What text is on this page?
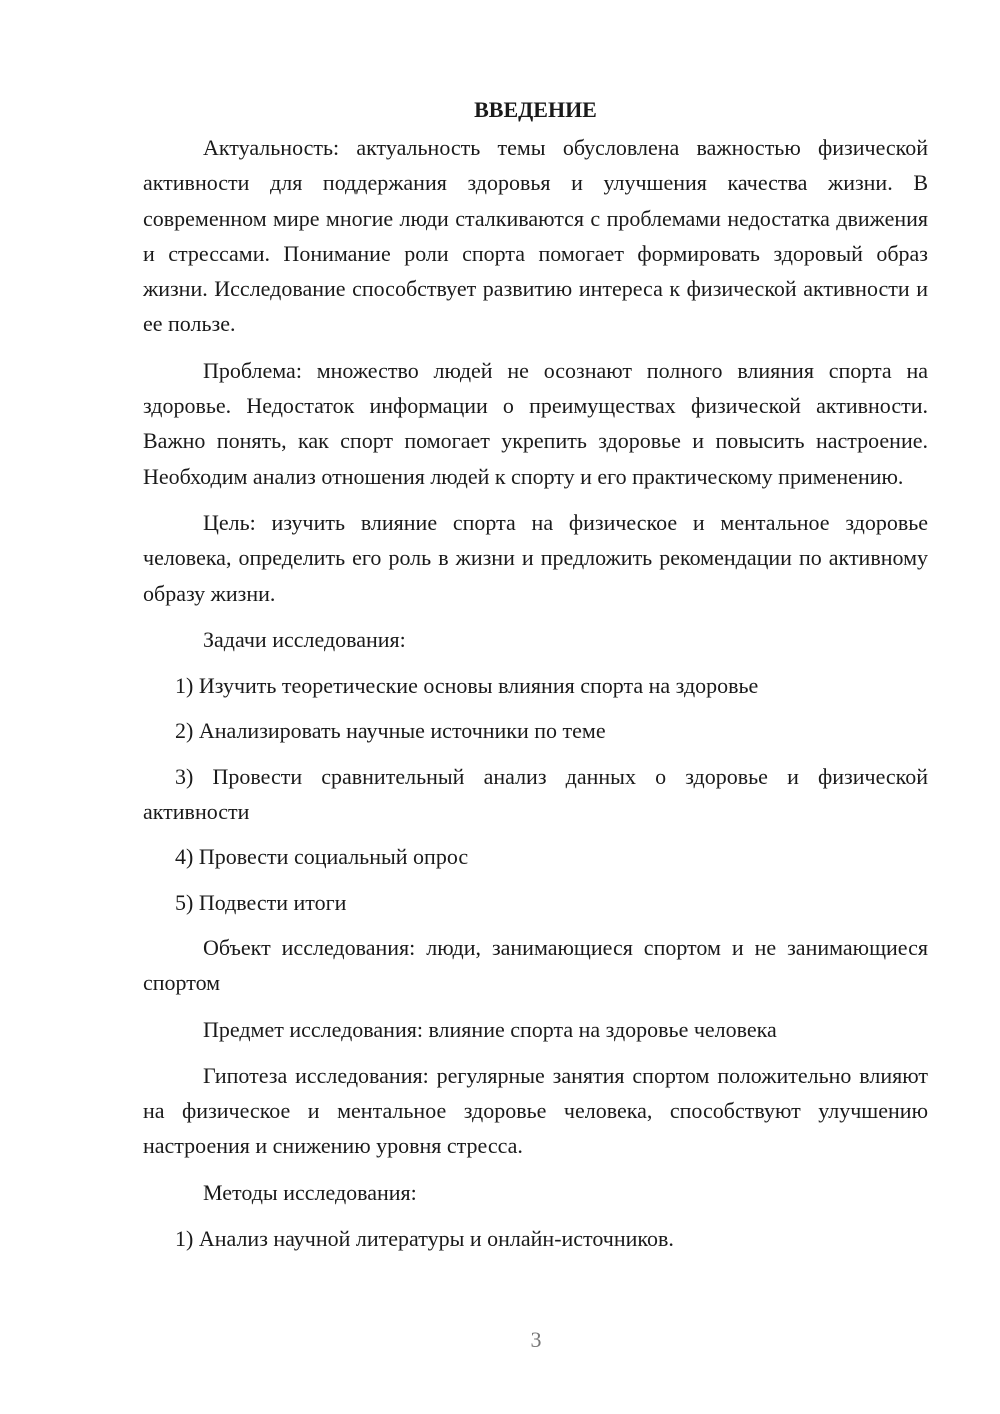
ВВЕДЕНИЕ

Актуальность: актуальность темы обусловлена важностью физической активности для поддержания здоровья и улучшения качества жизни. В современном мире многие люди сталкиваются с проблемами недостатка движения и стрессами. Понимание роли спорта помогает формировать здоровый образ жизни. Исследование способствует развитию интереса к физической активности и ее пользе.

Проблема: множество людей не осознают полного влияния спорта на здоровье. Недостаток информации о преимуществах физической активности. Важно понять, как спорт помогает укрепить здоровье и повысить настроение. Необходим анализ отношения людей к спорту и его практическому применению.

Цель: изучить влияние спорта на физическое и ментальное здоровье человека, определить его роль в жизни и предложить рекомендации по активному образу жизни.

Задачи исследования:

1) Изучить теоретические основы влияния спорта на здоровье

2) Анализировать научные источники по теме

3) Провести сравнительный анализ данных о здоровье и физической активности

4) Провести социальный опрос

5) Подвести итоги

Объект исследования: люди, занимающиеся спортом и не занимающиеся спортом

Предмет исследования: влияние спорта на здоровье человека

Гипотеза исследования: регулярные занятия спортом положительно влияют на физическое и ментальное здоровье человека, способствуют улучшению настроения и снижению уровня стресса.

Методы исследования:

1) Анализ научной литературы и онлайн-источников.

3
